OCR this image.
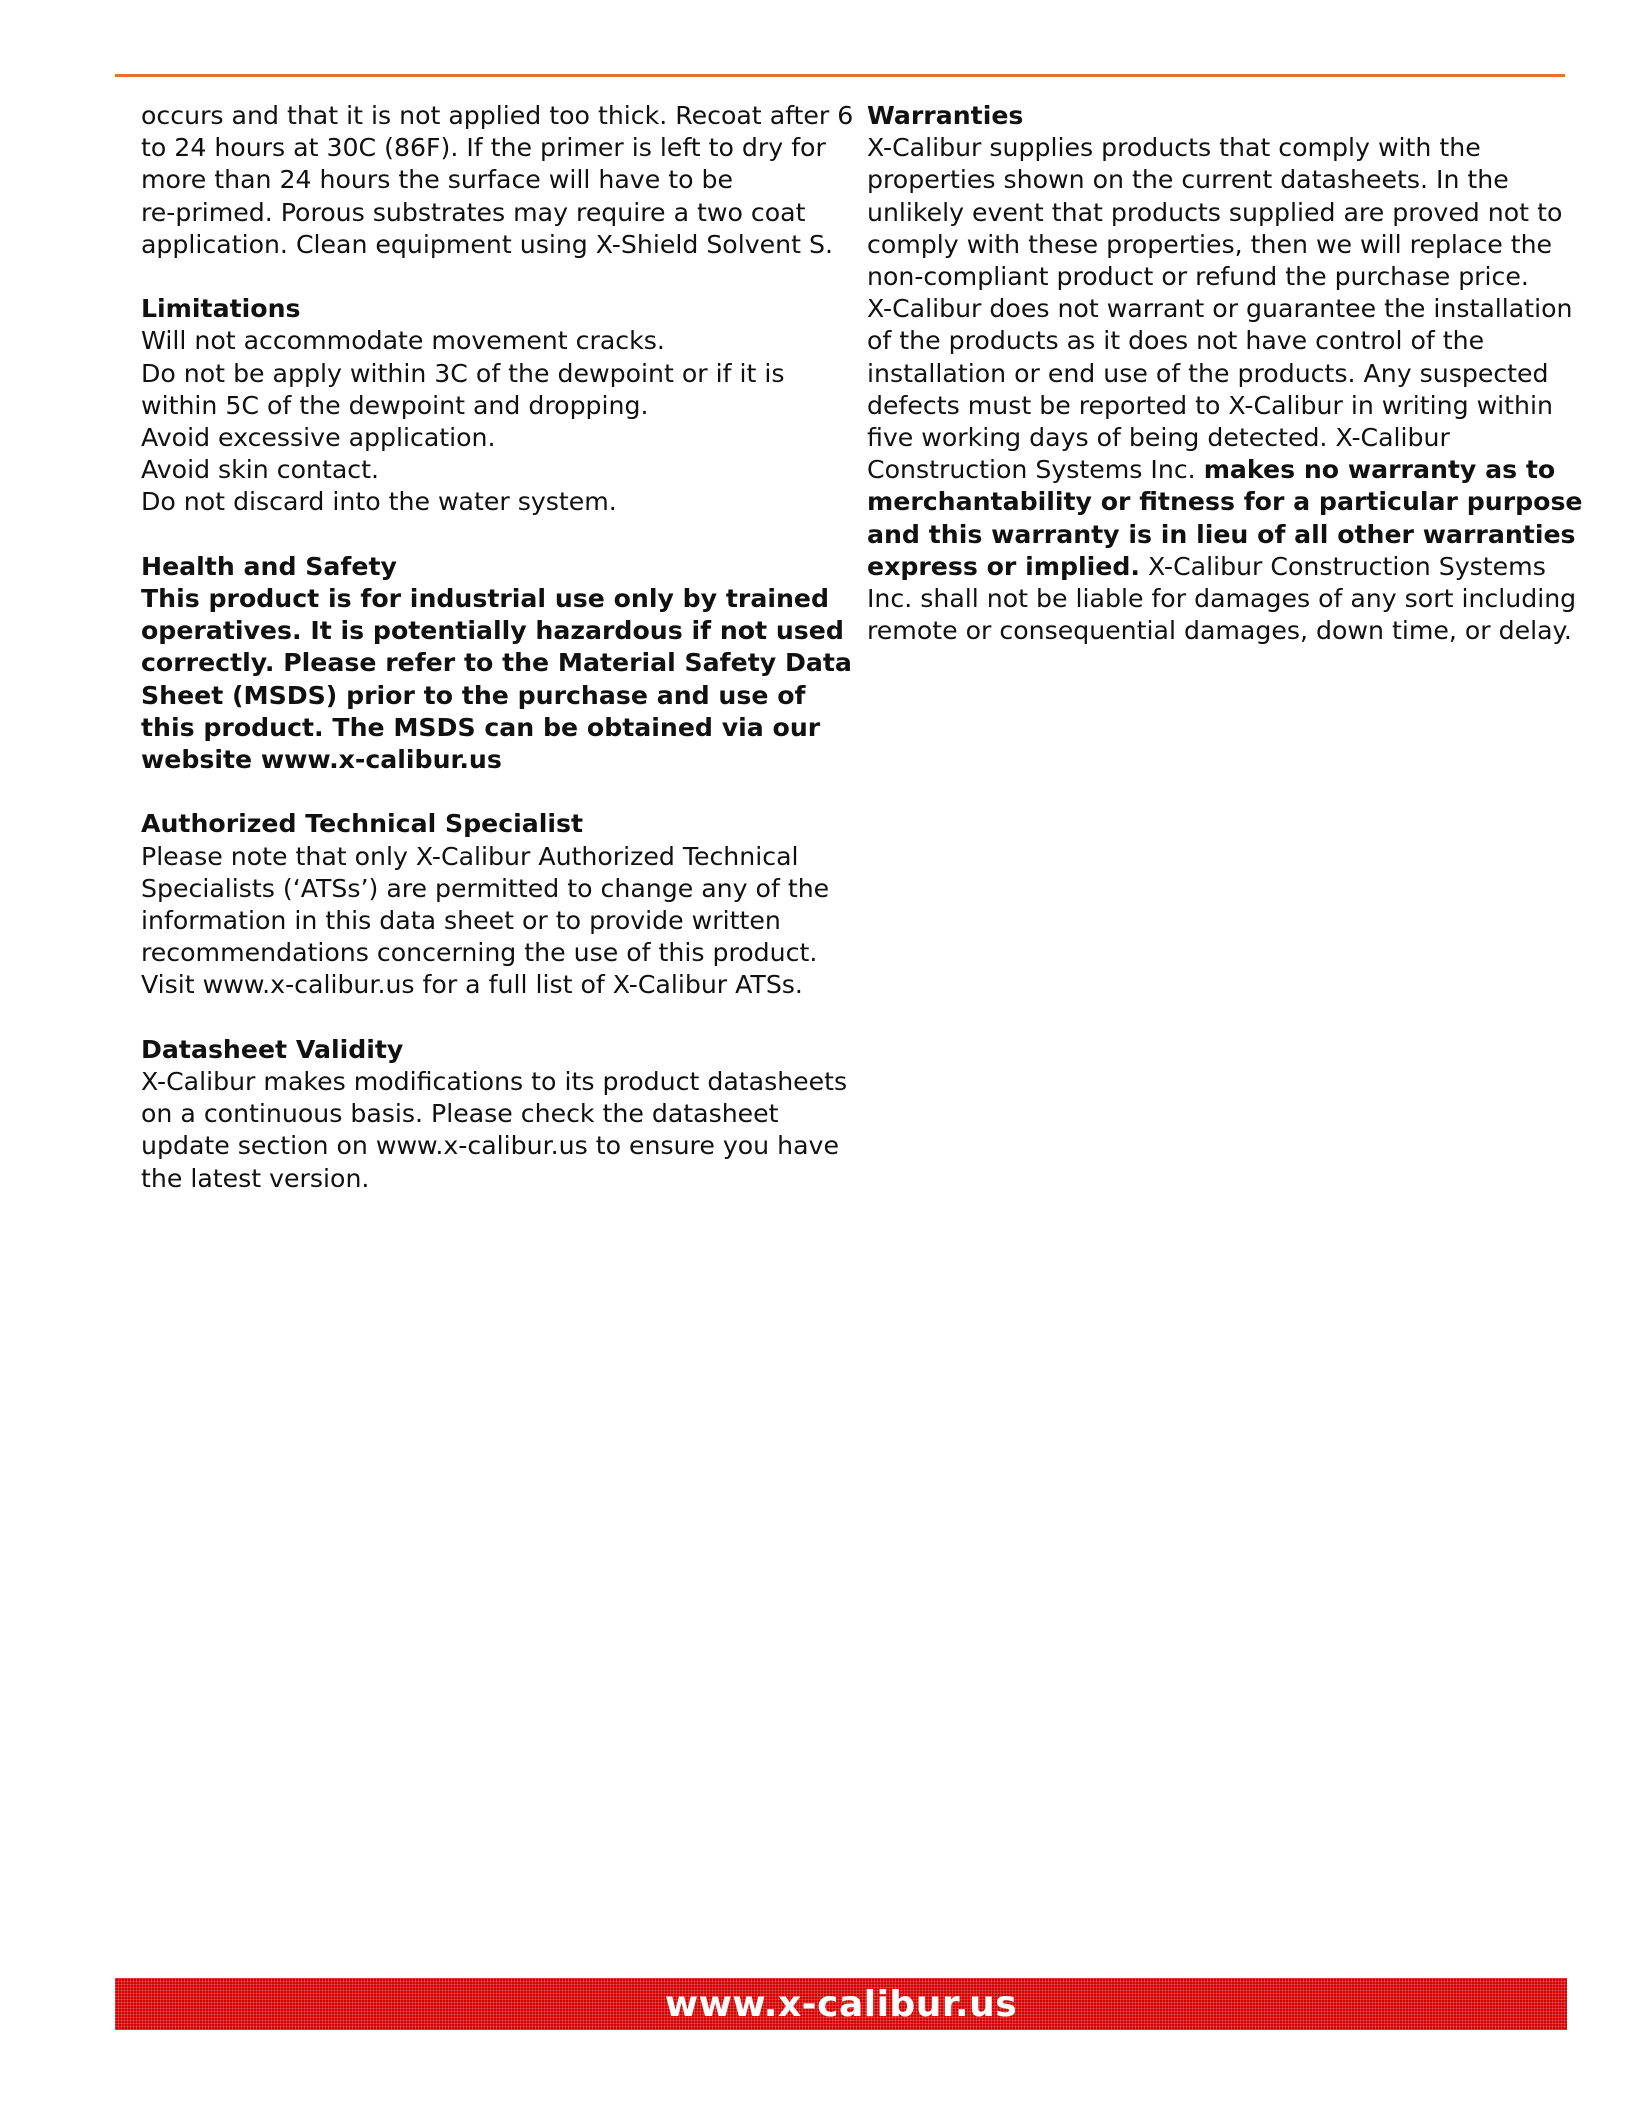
occurs and that it is not applied too thick. Recoat after 6
to 24 hours at 30C (86F). If the primer is left to dry for
more than 24 hours the surface will have to be
re-primed. Porous substrates may require a two coat
application. Clean equipment using X-Shield Solvent S.
Limitations
Will not accommodate movement cracks.
Do not be apply within 3C of the dewpoint or if it is
within 5C of the dewpoint and dropping.
Avoid excessive application.
Avoid skin contact.
Do not discard into the water system.
Health and Safety
This product is for industrial use only by trained
operatives. It is potentially hazardous if not used
correctly. Please refer to the Material Safety Data
Sheet (MSDS) prior to the purchase and use of
this product. The MSDS can be obtained via our
website www.x-calibur.us
Authorized Technical Specialist
Please note that only X-Calibur Authorized Technical
Specialists (‘ATSs’) are permitted to change any of the
information in this data sheet or to provide written
recommendations concerning the use of this product.
Visit www.x-calibur.us for a full list of X-Calibur ATSs.
Datasheet Validity
X-Calibur makes modifications to its product datasheets
on a continuous basis. Please check the datasheet
update section on www.x-calibur.us to ensure you have
the latest version.
Warranties
X-Calibur supplies products that comply with the
properties shown on the current datasheets. In the
unlikely event that products supplied are proved not to
comply with these properties, then we will replace the
non-compliant product or refund the purchase price.
X-Calibur does not warrant or guarantee the installation
of the products as it does not have control of the
installation or end use of the products. Any suspected
defects must be reported to X-Calibur in writing within
five working days of being detected. X-Calibur
Construction Systems Inc. makes no warranty as to
merchantability or fitness for a particular purpose
and this warranty is in lieu of all other warranties
express or implied. X-Calibur Construction Systems
Inc. shall not be liable for damages of any sort including
remote or consequential damages, down time, or delay.
www.x-calibur.us
